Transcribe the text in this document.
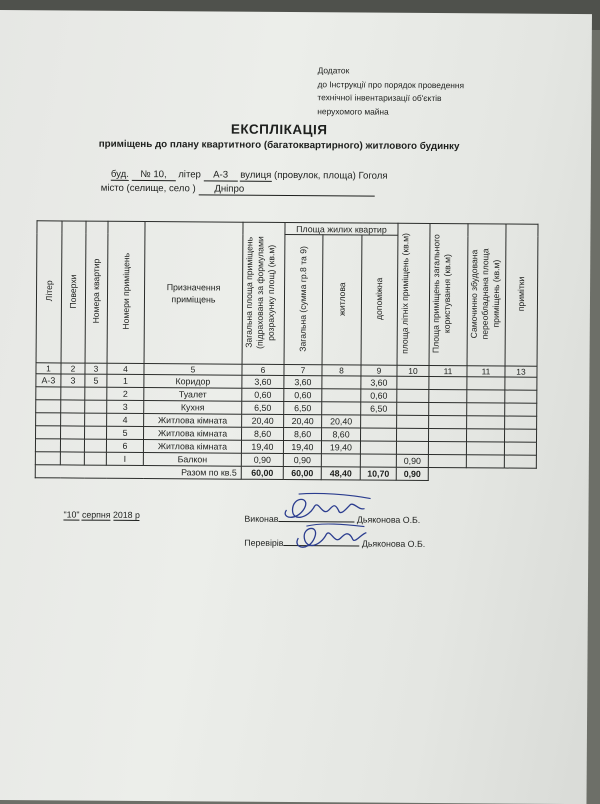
Додаток
до Інструкції про порядок проведення
технічної інвентаризації об'єктів
нерухомого майна
ЕКСПЛІКАЦІЯ
приміщень до плану квартитного (багатоквартирного) житлового будинку
буд. № 10, літер А-3 вулиця (провулок, площа) Гоголя
місто (селище, село ) Дніпро
Літер	Поверхи	Номера квартир	Номери приміщень	Призначення приміщень	Загальна площа приміщень (підрахована за формулами розрахунку площ) (кв.м)	Площа жилих квартир			площа літніх приміщень (кв.м)	Площа приміщень загального користування (кв.м)	Самочинно збудована переобладнана площа приміщень (кв.м)	примітки
						Загальна (сумма гр.8 та 9)	житлова	допоміжна				
1	2	3	4	5	6	7	8	9	10	11	11	13
А-3	3	5	1	Коридор	3,60	3,60		3,60				
			2	Туалет	0,60	0,60		0,60				
			3	Кухня	6,50	6,50		6,50				
			4	Житлова кімната	20,40	20,40	20,40					
			5	Житлова кімната	8,60	8,60	8,60					
			6	Житлова кімната	19,40	19,40	19,40					
			I	Балкон	0,90	0,90			0,90			
Разом по кв.5					60,00	60,00	48,40	10,70	0,90			
"10" серпня 2018 р	Виконав	Дьяконова О.Б.
Перевірів	Дьяконова О.Б.
